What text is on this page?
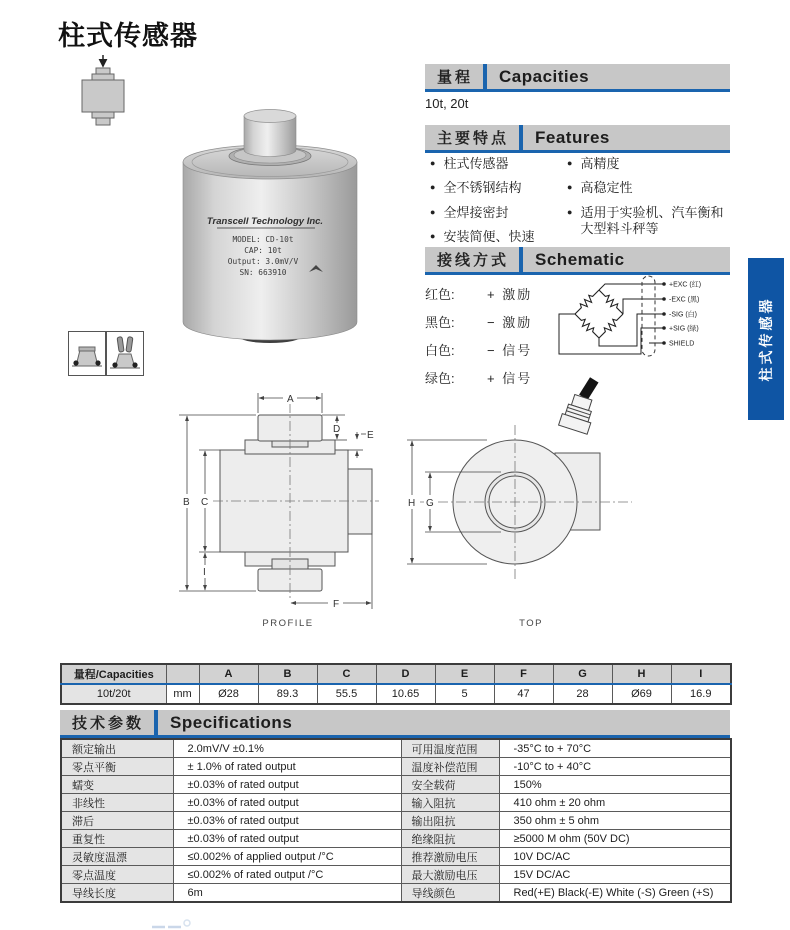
柱式传感器
Transcell Technology Inc.
MODEL: CD-10t
CAP: 10t
Output: 3.0mV/V
SN: 663910
量程	Capacities
10t, 20t
主要特点	Features
● 柱式传感器
● 全不锈钢结构
● 全焊接密封
● 安装简便、快速
● 高精度
● 高稳定性
● 适用于实验机、汽车衡和大型料斗秤等
接线方式	Schematic
红色:	+ 激励
黑色:	− 激励
白色:	− 信号
绿色:	+ 信号
+EXC (红)
-EXC (黑)
-SIG (白)
+SIG (绿)
SHIELD	柱式传感器
A
B C
I
D
E
F
PROFILE
H G
TOP
量程/Capacities		A	B	C	D	E	F	G	H	I
10t/20t	mm	Ø28	89.3	55.5	10.65	5	47	28	Ø69	16.9
技术参数	Specifications
额定输出	2.0mV/V ±0.1%	可用温度范围	-35°C to + 70°C
零点平衡	± 1.0% of rated output	温度补偿范围	-10°C to + 40°C
蠕变	±0.03% of rated output	安全载荷	150%
非线性	±0.03% of rated output	输入阻抗	410 ohm ± 20 ohm
滞后	±0.03% of rated output	输出阻抗	350 ohm ± 5 ohm
重复性	±0.03% of rated output	绝缘阻抗	≥5000 M ohm (50V DC)
灵敏度温漂	≤0.002% of applied output /°C	推荐激励电压	10V DC/AC
零点温度	≤0.002% of rated output /°C	最大激励电压	15V DC/AC
导线长度	6m	导线颜色	Red(+E) Black(-E) White (-S) Green (+S)
